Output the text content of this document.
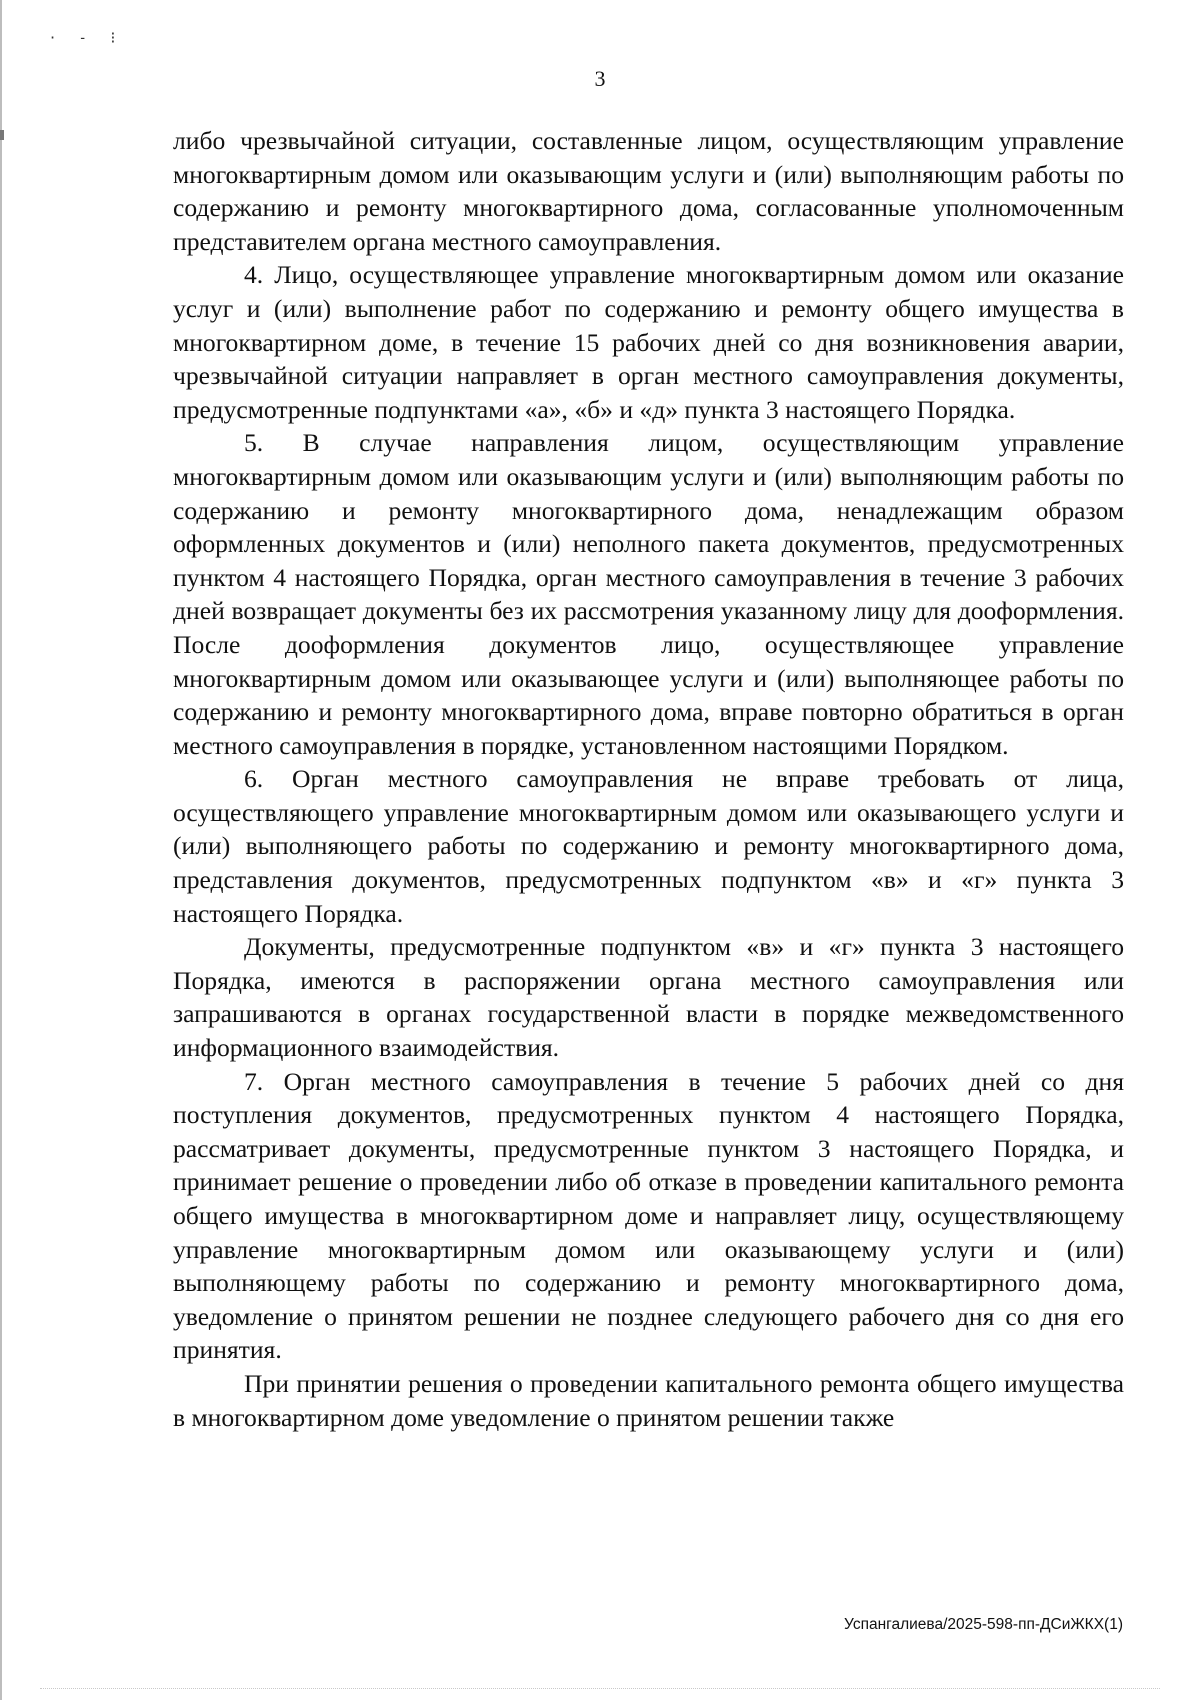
· ˗ ⁝
3

либо чрезвычайной ситуации, составленные лицом, осуществляющим управление многоквартирным домом или оказывающим услуги и (или) выполняющим работы по содержанию и ремонту многоквартирного дома, согласованные уполномоченным представителем органа местного самоуправления.

4. Лицо, осуществляющее управление многоквартирным домом или оказание услуг и (или) выполнение работ по содержанию и ремонту общего имущества в многоквартирном доме, в течение 15 рабочих дней со дня возникновения аварии, чрезвычайной ситуации направляет в орган местного самоуправления документы, предусмотренные подпунктами «а», «б» и «д» пункта 3 настоящего Порядка.

5. В случае направления лицом, осуществляющим управление многоквартирным домом или оказывающим услуги и (или) выполняющим работы по содержанию и ремонту многоквартирного дома, ненадлежащим образом оформленных документов и (или) неполного пакета документов, предусмотренных пунктом 4 настоящего Порядка, орган местного самоуправления в течение 3 рабочих дней возвращает документы без их рассмотрения указанному лицу для дооформления. После дооформления документов лицо, осуществляющее управление многоквартирным домом или оказывающее услуги и (или) выполняющее работы по содержанию и ремонту многоквартирного дома, вправе повторно обратиться в орган местного самоуправления в порядке, установленном настоящими Порядком.

6. Орган местного самоуправления не вправе требовать от лица, осуществляющего управление многоквартирным домом или оказывающего услуги и (или) выполняющего работы по содержанию и ремонту многоквартирного дома, представления документов, предусмотренных подпунктом «в» и «г» пункта 3 настоящего Порядка.

Документы, предусмотренные подпунктом «в» и «г» пункта 3 настоящего Порядка, имеются в распоряжении органа местного самоуправления или запрашиваются в органах государственной власти в порядке межведомственного информационного взаимодействия.

7. Орган местного самоуправления в течение 5 рабочих дней со дня поступления документов, предусмотренных пунктом 4 настоящего Порядка, рассматривает документы, предусмотренные пунктом 3 настоящего Порядка, и принимает решение о проведении либо об отказе в проведении капитального ремонта общего имущества в многоквартирном доме и направляет лицу, осуществляющему управление многоквартирным домом или оказывающему услуги и (или) выполняющему работы по содержанию и ремонту многоквартирного дома, уведомление о принятом решении не позднее следующего рабочего дня со дня его принятия.

При принятии решения о проведении капитального ремонта общего имущества в многоквартирном доме уведомление о принятом решении также

Успангалиева/2025-598-пп-ДСиЖКХ(1)
